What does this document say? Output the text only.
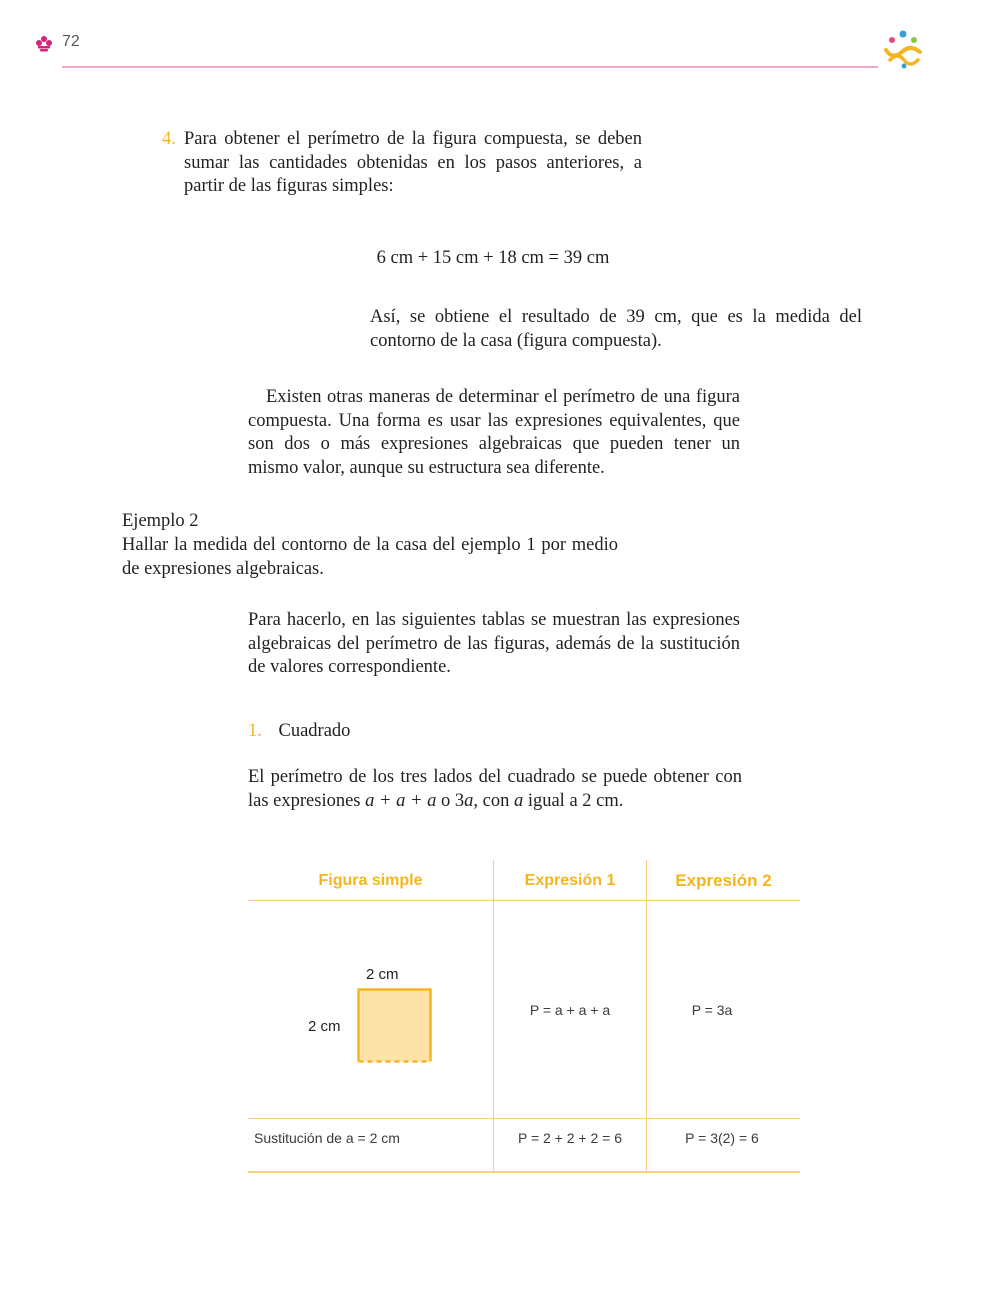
72
4. Para obtener el perímetro de la figura compuesta, se deben sumar las cantidades obtenidas en los pasos anteriores, a partir de las figuras simples:

6 cm + 15 cm + 18 cm = 39 cm

Así, se obtiene el resultado de 39 cm, que es la medida del contorno de la casa (figura compuesta).

Existen otras maneras de determinar el perímetro de una figura compuesta. Una forma es usar las expresiones equivalentes, que son dos o más expresiones algebraicas que pueden tener un mismo valor, aunque su estructura sea diferente.

Ejemplo 2

Hallar la medida del contorno de la casa del ejemplo 1 por medio de expresiones algebraicas.

Para hacerlo, en las siguientes tablas se muestran las expresiones algebraicas del perímetro de las figuras, además de la sustitución de valores correspondiente.

1. Cuadrado

El perímetro de los tres lados del cuadrado se puede obtener con las expresiones a + a + a o 3a, con a igual a 2 cm.

Figura simple	Expresión 1	Expresión 2
2 cm
2 cm
P = a + a + a	P = 3a
Sustitución de a = 2 cm	P = 2 + 2 + 2 = 6	P = 3(2) = 6
